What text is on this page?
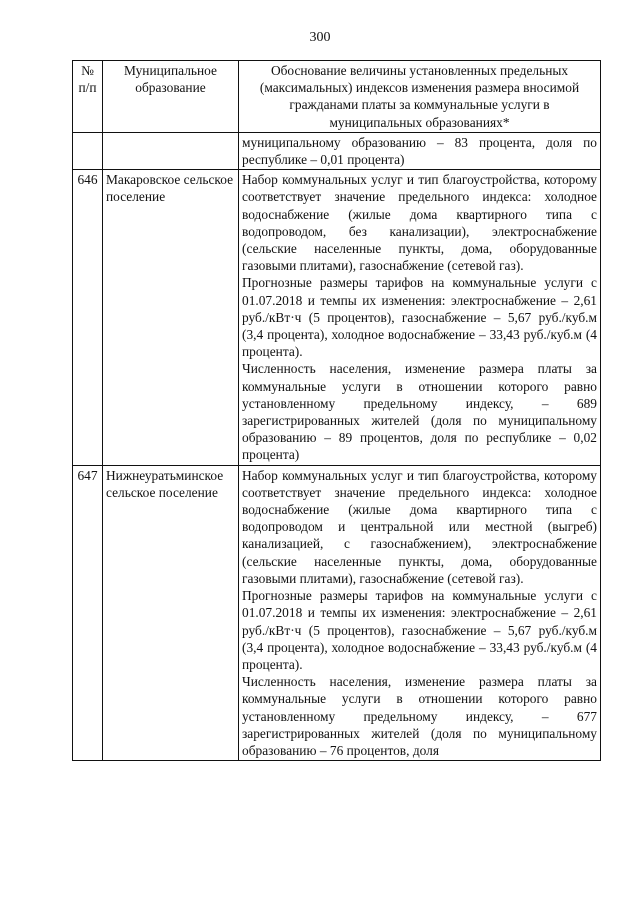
300
№ п/п	Муниципальное образование	Обоснование величины установленных предельных (максимальных) индексов изменения размера вносимой гражданами платы за коммунальные услуги в муниципальных образованиях*
		муниципальному образованию – 83 процента, доля по республике – 0,01 процента)
646	Макаровское сельское поселение	Набор коммунальных услуг и тип благоустройства, которому соответствует значение предельного индекса: холодное водоснабжение (жилые дома квартирного типа с водопроводом, без канализации), электроснабжение (сельские населенные пункты, дома, оборудованные газовыми плитами), газоснабжение (сетевой газ).

Прогнозные размеры тарифов на коммунальные услуги с 01.07.2018 и темпы их изменения: электроснабжение – 2,61 руб./кВт·ч (5 процентов), газоснабжение – 5,67 руб./куб.м (3,4 процента), холодное водоснабжение – 33,43 руб./куб.м (4 процента).

Численность населения, изменение размера платы за коммунальные услуги в отношении которого равно установленному предельному индексу, – 689 зарегистрированных жителей (доля по муниципальному образованию – 89 процентов, доля по республике – 0,02 процента)

647	Нижнеуратьминское сельское поселение	Набор коммунальных услуг и тип благоустройства, которому соответствует значение предельного индекса: холодное водоснабжение (жилые дома квартирного типа с водопроводом и центральной или местной (выгреб) канализацией, с газоснабжением), электроснабжение (сельские населенные пункты, дома, оборудованные газовыми плитами), газоснабжение (сетевой газ).

Прогнозные размеры тарифов на коммунальные услуги с 01.07.2018 и темпы их изменения: электроснабжение – 2,61 руб./кВт·ч (5 процентов), газоснабжение – 5,67 руб./куб.м (3,4 процента), холодное водоснабжение – 33,43 руб./куб.м (4 процента).

Численность населения, изменение размера платы за коммунальные услуги в отношении которого равно установленному предельному индексу, – 677 зарегистрированных жителей (доля по муниципальному образованию – 76 процентов, доля
